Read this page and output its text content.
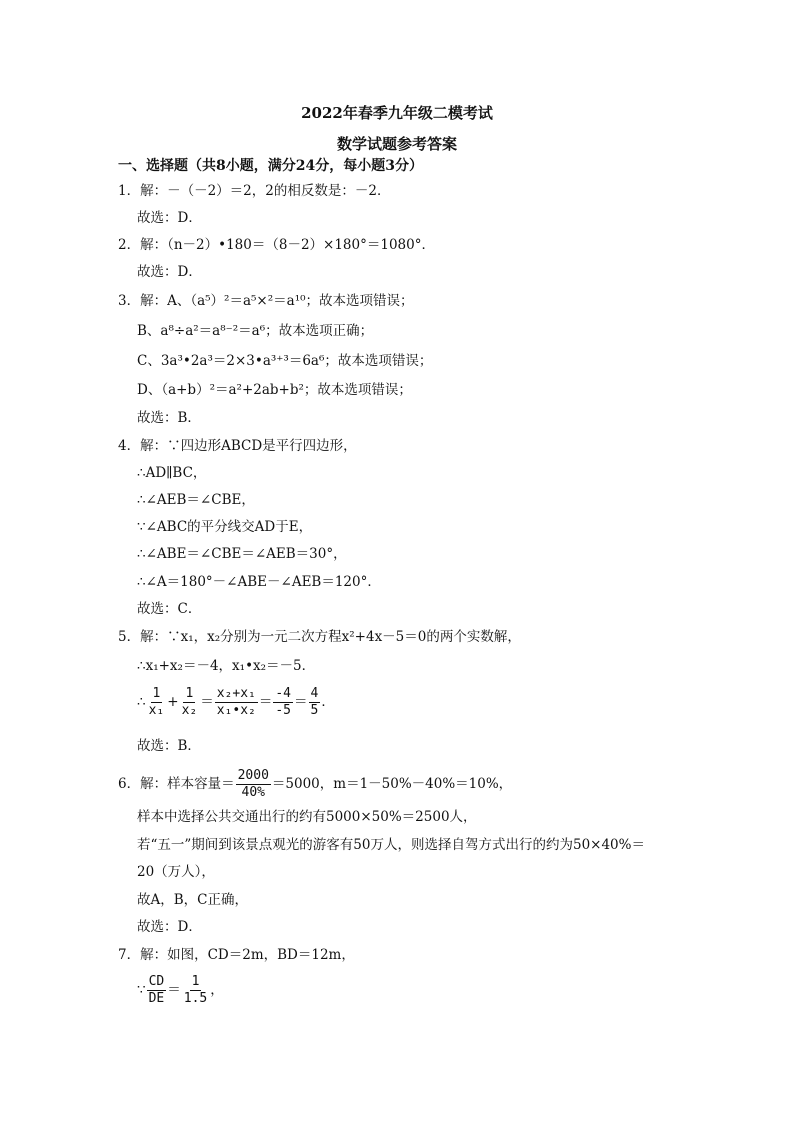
2022年春季九年级二模考试
数学试题参考答案
一、选择题（共8小题，满分24分，每小题3分）
1．解：－（－2）＝2，2的相反数是：－2．
故选：D．
2．解：（n－2）•180＝（8－2）×180°＝1080°．
故选：D．
3．解：A、（a⁵）²＝a⁵×²＝a¹⁰；故本选项错误；
B、a⁸÷a²＝a⁸⁻²＝a⁶；故本选项正确；
C、3a³•2a³＝2×3•a³⁺³＝6a⁶；故本选项错误；
D、（a+b）²＝a²+2ab+b²；故本选项错误；
故选：B．
4．解：∵四边形ABCD是平行四边形，
∴AD∥BC，
∴∠AEB＝∠CBE，
∵∠ABC的平分线交AD于E，
∴∠ABE＝∠CBE＝∠AEB＝30°，
∴∠A＝180°－∠ABE－∠AEB＝120°．
故选：C．
5．解：∵x₁，x₂分别为一元二次方程x²+4x－5＝0的两个实数解，
∴x₁+x₂＝－4，x₁•x₂＝－5．
∴ $\frac{1}{\text{x₁}} + \frac{1}{\text{x₂}} = \frac{\text{x₂+x₁}}{\text{x₁•x₂}} = \frac{-4}{-5} = \frac{4}{5}$ ．
故选：B．
6．解：样本容量＝ $\frac{2000}{40\%} =5000$，m＝1－50%－40%＝10%，
样本中选择公共交通出行的约有5000×50%＝2500人，
若“五一”期间到该景点观光的游客有50万人，则选择自驾方式出行的约为50×40%＝
20（万人），
故A，B，C正确，
故选：D．
7．解：如图，CD＝2m，BD＝12m，
∵ $\frac{CD}{DE} = \frac{1}{1.5}$ ，
